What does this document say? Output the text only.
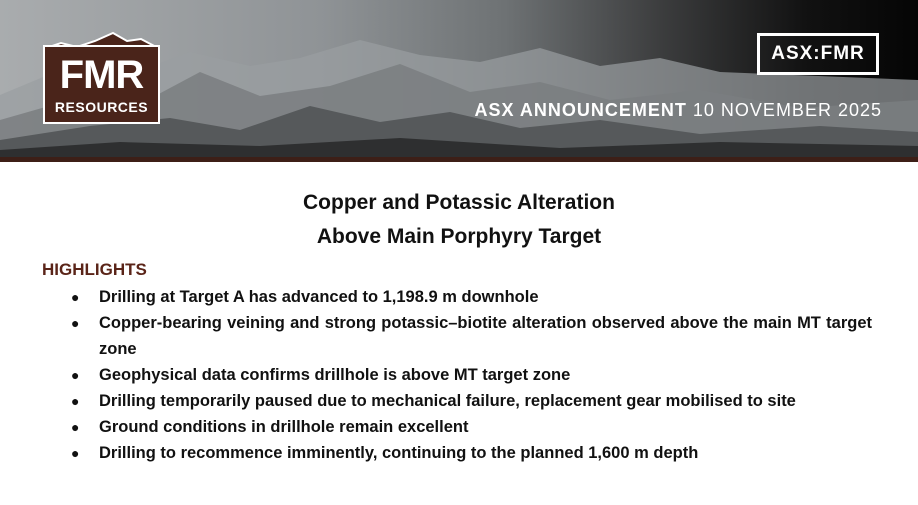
FMR
RESOURCES
ASX:FMR
ASX ANNOUNCEMENT 10 NOVEMBER 2025
Copper and Potassic Alteration
Above Main Porphyry Target
HIGHLIGHTS
● Drilling at Target A has advanced to 1,198.9 m downhole
● Copper-bearing veining and strong potassic–biotite alteration observed above the main MT target zone
● Geophysical data confirms drillhole is above MT target zone
● Drilling temporarily paused due to mechanical failure, replacement gear mobilised to site
● Ground conditions in drillhole remain excellent
● Drilling to recommence imminently, continuing to the planned 1,600 m depth
